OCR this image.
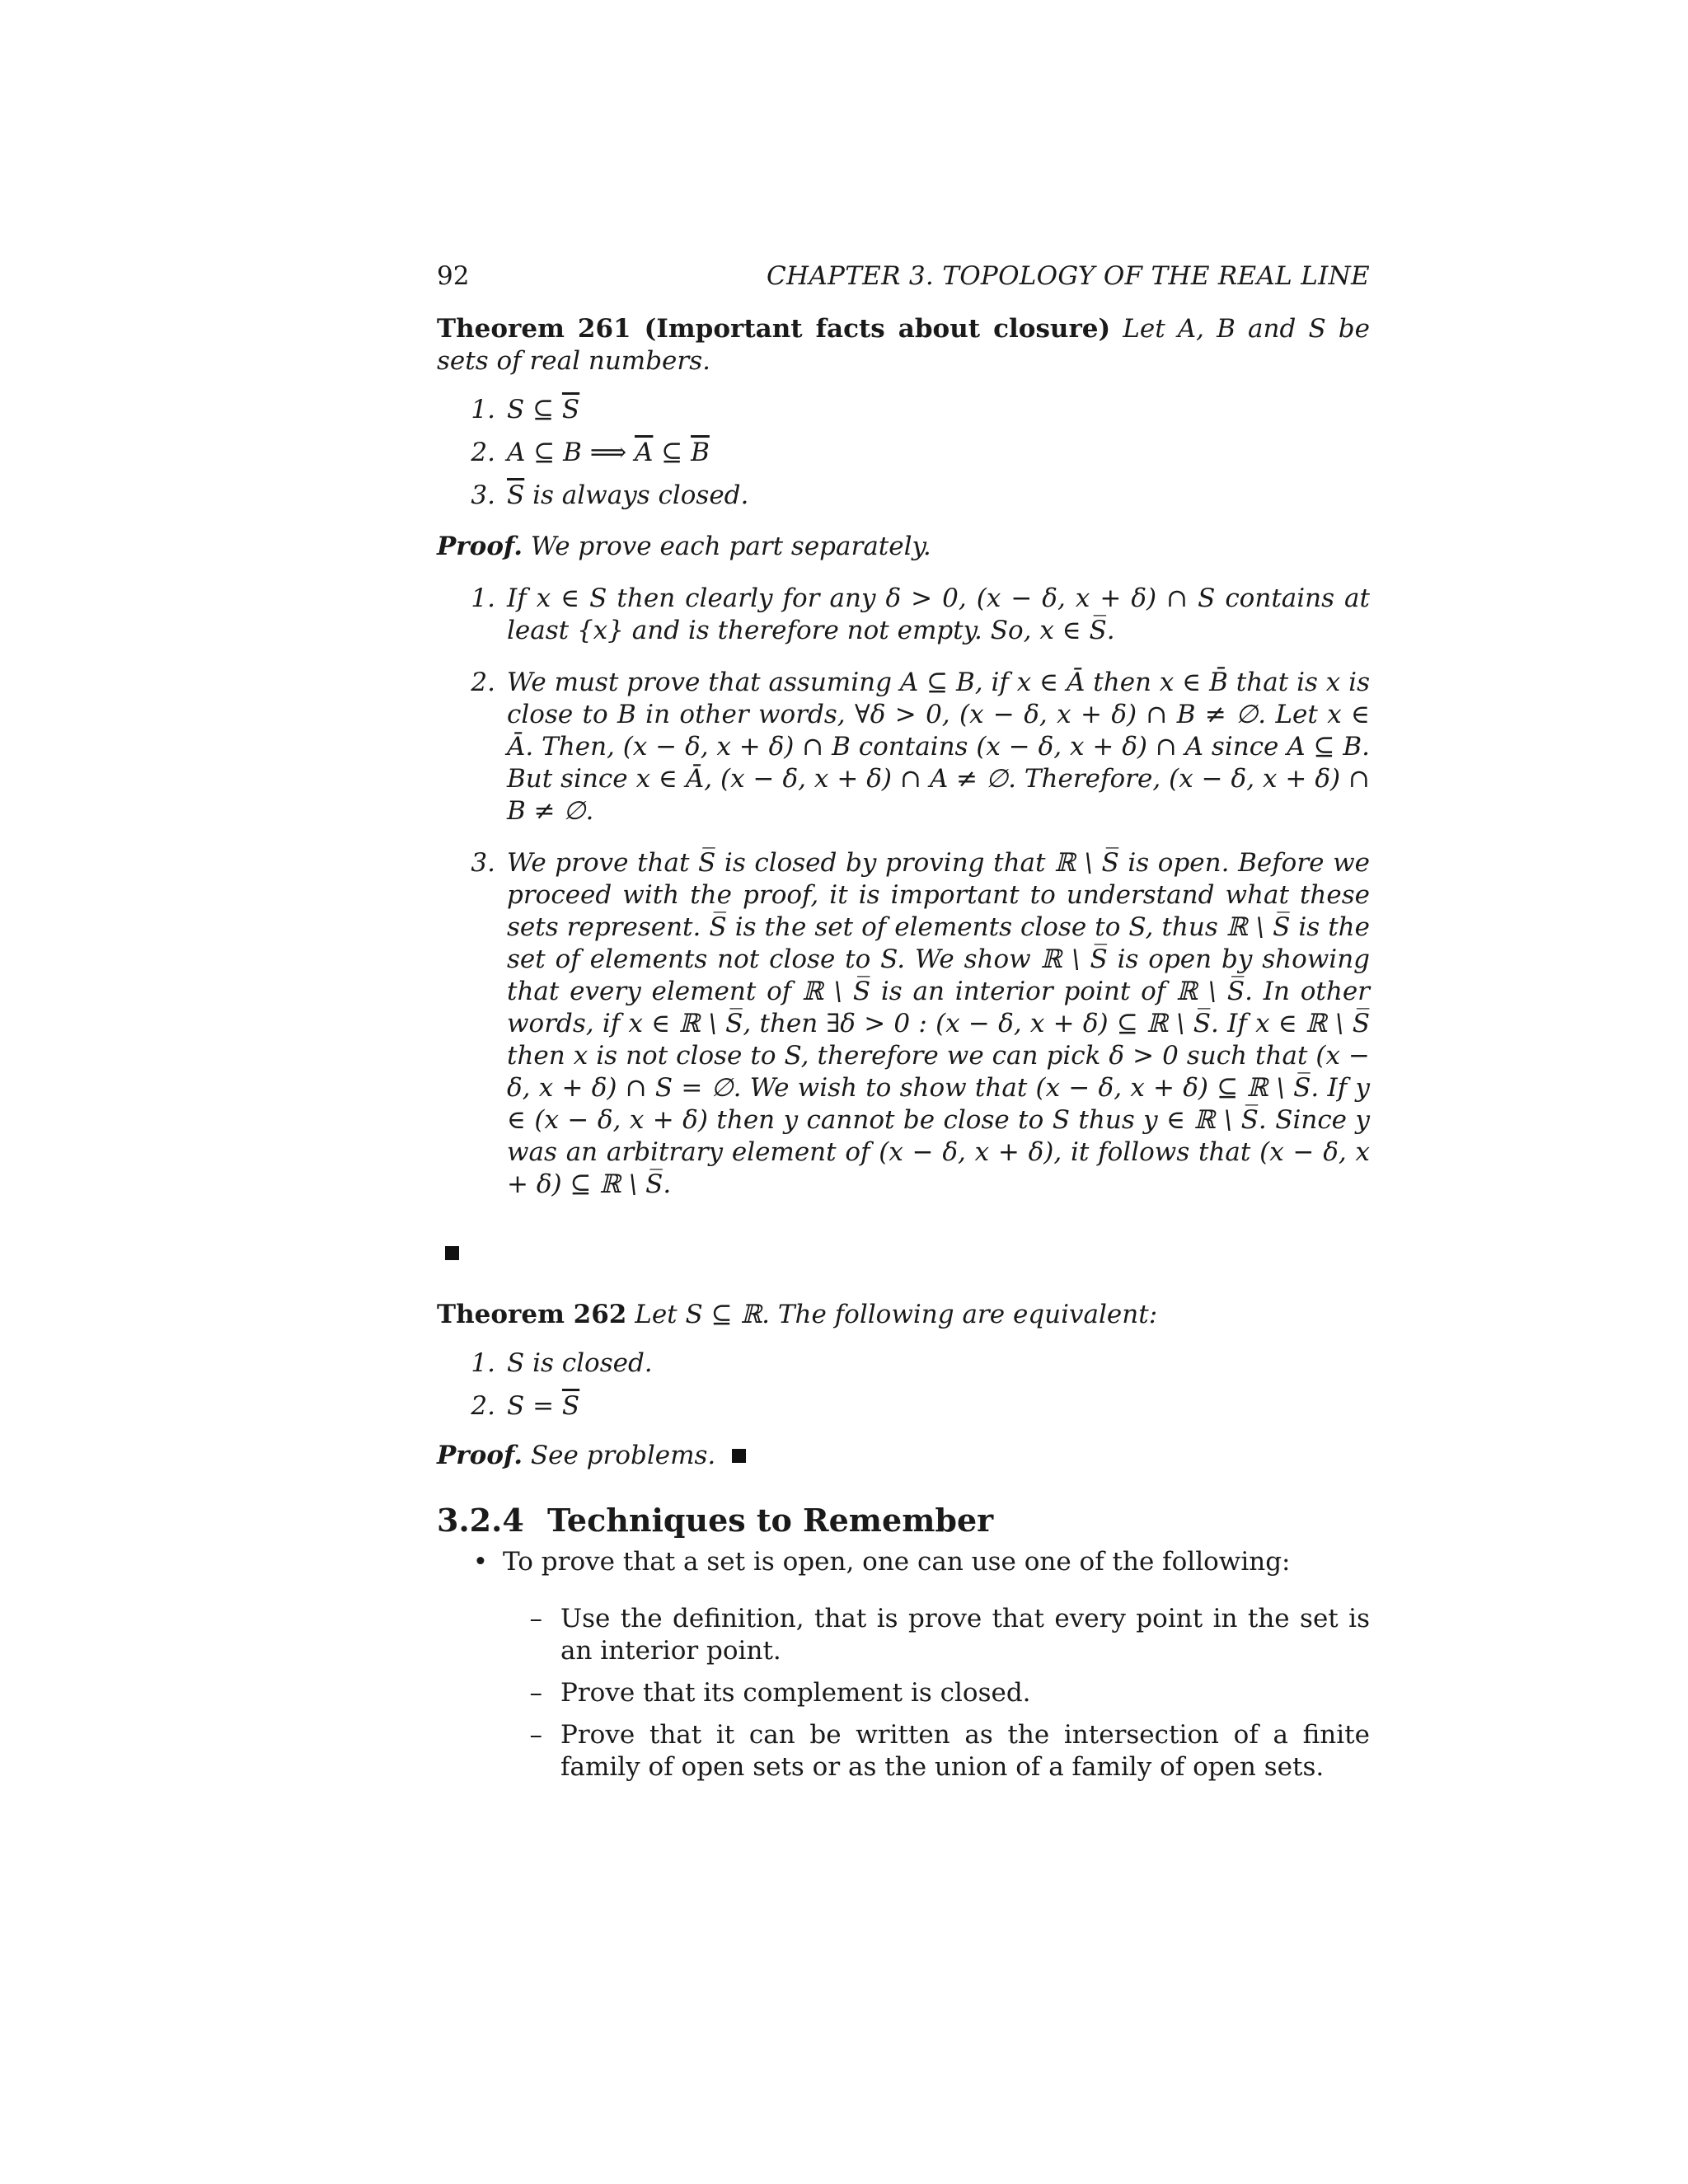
92	CHAPTER 3. TOPOLOGY OF THE REAL LINE
Theorem 261 (Important facts about closure) Let A, B and S be sets of real numbers.
1. S ⊆ $\overline{S}$
2. A ⊆ B ⟹ $\overline{A}$ ⊆ $\overline{B}$
3. $\overline{S}$ is always closed.
Proof. We prove each part separately.
1. If x ∈ S then clearly for any δ > 0, (x − δ, x + δ) ∩ S contains at least {x} and is therefore not empty. So, x ∈ S̅.
2. We must prove that assuming A ⊆ B, if x ∈ Ā then x ∈ B̄ that is x is close to B in other words, ∀δ > 0, (x − δ, x + δ) ∩ B ≠ ∅. Let x ∈ Ā. Then, (x − δ, x + δ) ∩ B contains (x − δ, x + δ) ∩ A since A ⊆ B. But since x ∈ Ā, (x − δ, x + δ) ∩ A ≠ ∅. Therefore, (x − δ, x + δ) ∩ B ≠ ∅.
3. We prove that S̅ is closed by proving that ℝ \ S̅ is open. Before we proceed with the proof, it is important to understand what these sets represent. S̅ is the set of elements close to S, thus ℝ \ S̅ is the set of elements not close to S. We show ℝ \ S̅ is open by showing that every element of ℝ \ S̅ is an interior point of ℝ \ S̅. In other words, if x ∈ ℝ \ S̅, then ∃δ > 0 : (x − δ, x + δ) ⊆ ℝ \ S̅. If x ∈ ℝ \ S̅ then x is not close to S, therefore we can pick δ > 0 such that (x − δ, x + δ) ∩ S = ∅. We wish to show that (x − δ, x + δ) ⊆ ℝ \ S̅. If y ∈ (x − δ, x + δ) then y cannot be close to S thus y ∈ ℝ \ S̅. Since y was an arbitrary element of (x − δ, x + δ), it follows that (x − δ, x + δ) ⊆ ℝ \ S̅.
Theorem 262 Let S ⊆ ℝ. The following are equivalent:
1. S is closed.
2. $S = \overline{S}$
Proof. See problems.
3.2.4 Techniques to Remember
• To prove that a set is open, one can use one of the following:
– Use the definition, that is prove that every point in the set is an interior point.
– Prove that its complement is closed.
– Prove that it can be written as the intersection of a finite family of open sets or as the union of a family of open sets.
